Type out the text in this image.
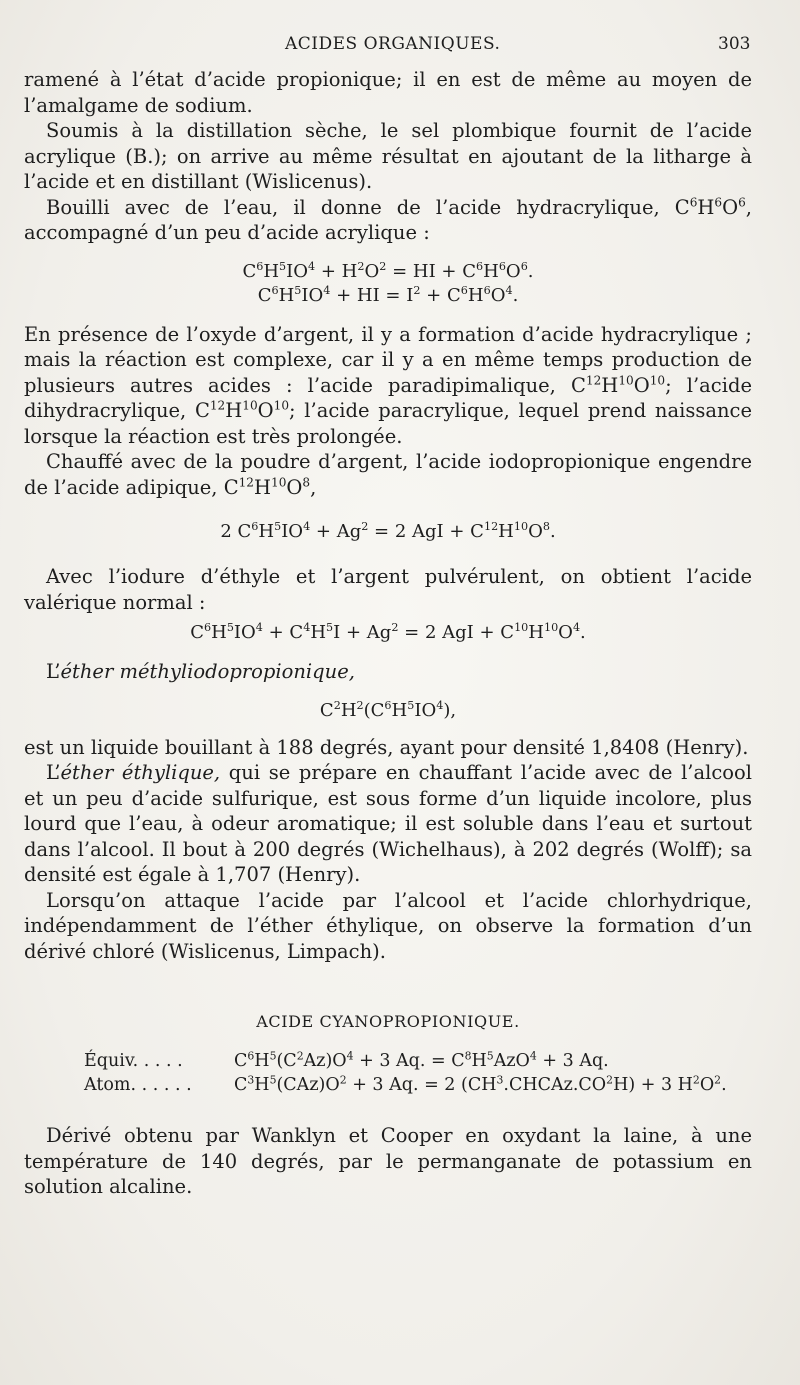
ACIDES ORGANIQUES.	303

ramené à l’état d’acide propionique; il en est de même au moyen de l’amalgame de sodium.

Soumis à la distillation sèche, le sel plombique fournit de l’acide acrylique (B.); on arrive au même résultat en ajoutant de la litharge à l’acide et en distillant (Wislicenus).

Bouilli avec de l’eau, il donne de l’acide hydracrylique, $C^6H^6O^6$, accompagné d’un peu d’acide acrylique :

$C^6H^5IO^4 + H^2O^2$ = HI + $C^6H^6O^6$.

$C^6H^5IO^4$ + HI = $I^2 + C^6H^6O^4$.

En présence de l’oxyde d’argent, il y a formation d’acide hydracrylique ; mais la réaction est complexe, car il y a en même temps production de plusieurs autres acides : l’acide paradipimalique, $C^{12}H^{10}O^{10}$; l’acide dihydracrylique, $C^{12}H^{10}O^{10}$; l’acide paracrylique, lequel prend naissance lorsque la réaction est très prolongée.

Chauffé avec de la poudre d’argent, l’acide iodopropionique engendre de l’acide adipique, $C^{12}H^{10}O^8$,

2 $C^6H^5IO^4 + Ag^2 = 2$ AgI + $C^{12}H^{10}O^8$.

Avec l’iodure d’éthyle et l’argent pulvérulent, on obtient l’acide valérique normal :

$C^6H^5IO^4 + C^4H^5I + Ag^2 = 2$ AgI + $C^{10}H^{10}O^4$.

L’éther méthyliodopropionique,

$C^2H^2(C^6H^5IO^4)$,

est un liquide bouillant à 188 degrés, ayant pour densité 1,8408 (Henry).

L’éther éthylique, qui se prépare en chauffant l’acide avec de l’alcool et un peu d’acide sulfurique, est sous forme d’un liquide incolore, plus lourd que l’eau, à odeur aromatique; il est soluble dans l’eau et surtout dans l’alcool. Il bout à 200 degrés (Wichelhaus), à 202 degrés (Wolff); sa densité est égale à 1,707 (Henry).

Lorsqu’on attaque l’acide par l’alcool et l’acide chlorhydrique, indépendamment de l’éther éthylique, on observe la formation d’un dérivé chloré (Wislicenus, Limpach).

ACIDE CYANOPROPIONIQUE.

Équiv. . . . .	$C^6H^5(C^2Az)O^4 + 3$ Aq. = $C^8H^5AzO^4 + 3$ Aq.
Atom. . . . . .	$C^3H^5(CAz)O^2 + 3$ Aq. = 2 $(CH^3.CHCAz.CO^2H) + 3$ $H^2O^2$.

Dérivé obtenu par Wanklyn et Cooper en oxydant la laine, à une température de 140 degrés, par le permanganate de potassium en solution alcaline.
